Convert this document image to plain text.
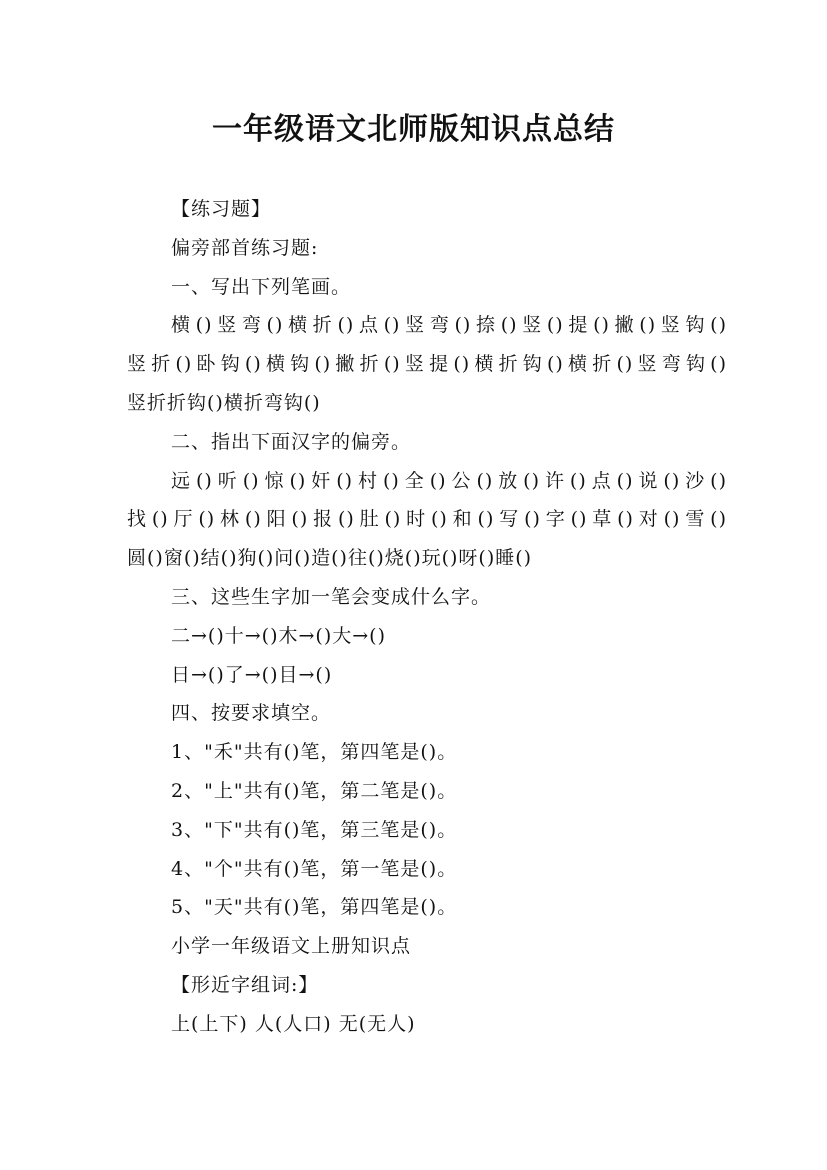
一年级语文北师版知识点总结
【练习题】
偏旁部首练习题:
一、写出下列笔画。
横()竖弯()横折()点()竖弯()捺()竖()提()撇()竖钩()
竖折()卧钩()横钩()撇折()竖提()横折钩()横折()竖弯钩()
竖折折钩()横折弯钩()
二、指出下面汉字的偏旁。
远()听()惊()奸()村()全()公()放()许()点()说()沙()
找()厅()林()阳()报()肚()时()和()写()字()草()对()雪()
圆()窗()结()狗()问()造()往()烧()玩()呀()睡()
三、这些生字加一笔会变成什么字。
二→()十→()木→()大→()
日→()了→()目→()
四、按要求填空。
1、"禾"共有()笔，第四笔是()。
2、"上"共有()笔，第二笔是()。
3、"下"共有()笔，第三笔是()。
4、"个"共有()笔，第一笔是()。
5、"天"共有()笔，第四笔是()。
小学一年级语文上册知识点
【形近字组词:】
上(上下) 人(人口) 无(无人)
